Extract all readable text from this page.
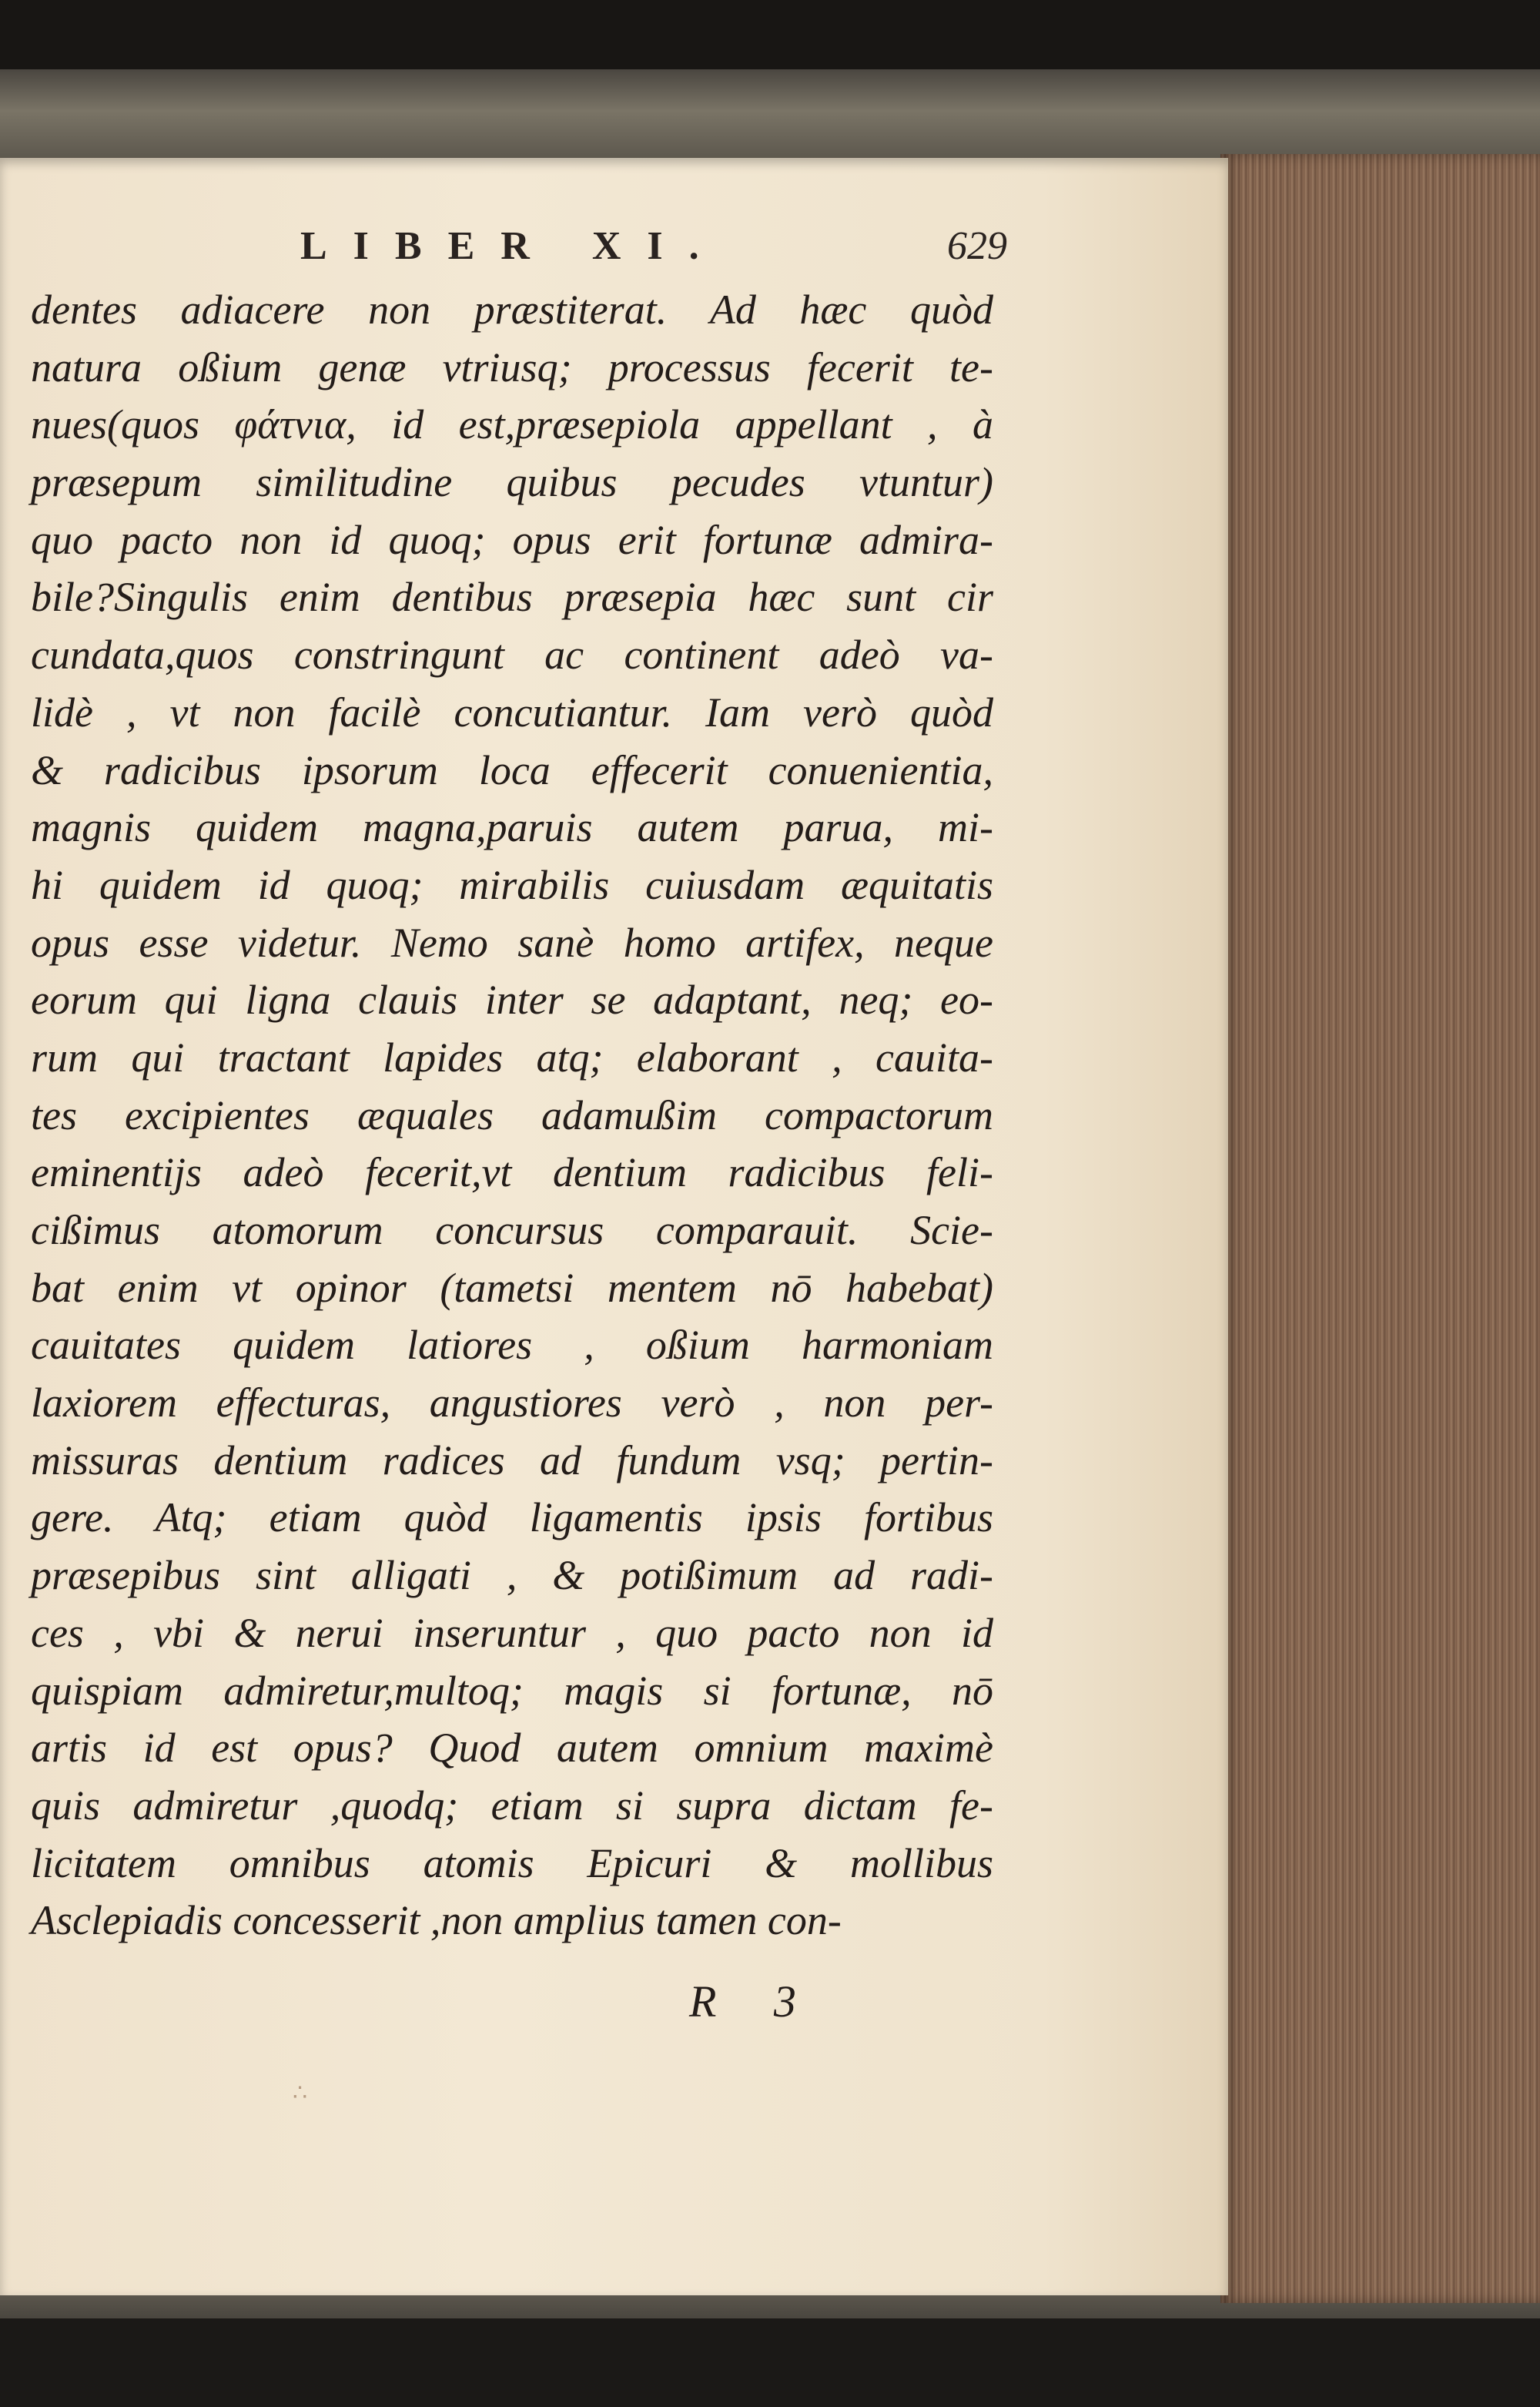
LIBER XI.	629
dentes adiacere non præstiterat. Ad hæc quòd
natura oßium genæ vtriusq; processus fecerit te-
nues(quos φάτνια, id est,præsepiola appellant , à
præsepum similitudine quibus pecudes vtuntur)
quo pacto non id quoq; opus erit fortunæ admira-
bile?Singulis enim dentibus præsepia hæc sunt cir
cundata,quos constringunt ac continent adeò va-
lidè , vt non facilè concutiantur. Iam verò quòd
& radicibus ipsorum loca effecerit conuenientia,
magnis quidem magna,paruis autem parua, mi-
hi quidem id quoq; mirabilis cuiusdam æquitatis
opus esse videtur. Nemo sanè homo artifex, neque
eorum qui ligna clauis inter se adaptant, neq; eo-
rum qui tractant lapides atq; elaborant , cauita-
tes excipientes æquales adamußim compactorum
eminentijs adeò fecerit,vt dentium radicibus feli-
cißimus atomorum concursus comparauit. Scie-
bat enim vt opinor (tametsi mentem nō habebat)
cauitates quidem latiores , oßium harmoniam
laxiorem effecturas, angustiores verò , non per-
missuras dentium radices ad fundum vsq; pertin-
gere. Atq; etiam quòd ligamentis ipsis fortibus
præsepibus sint alligati , & potißimum ad radi-
ces , vbi & nerui inseruntur , quo pacto non id
quispiam admiretur,multoq; magis si fortunæ, nō
artis id est opus? Quod autem omnium maximè
quis admiretur ,quodq; etiam si supra dictam fe-
licitatem omnibus atomis Epicuri & mollibus
Asclepiadis concesserit ,non amplius tamen con-
R 3
∴
